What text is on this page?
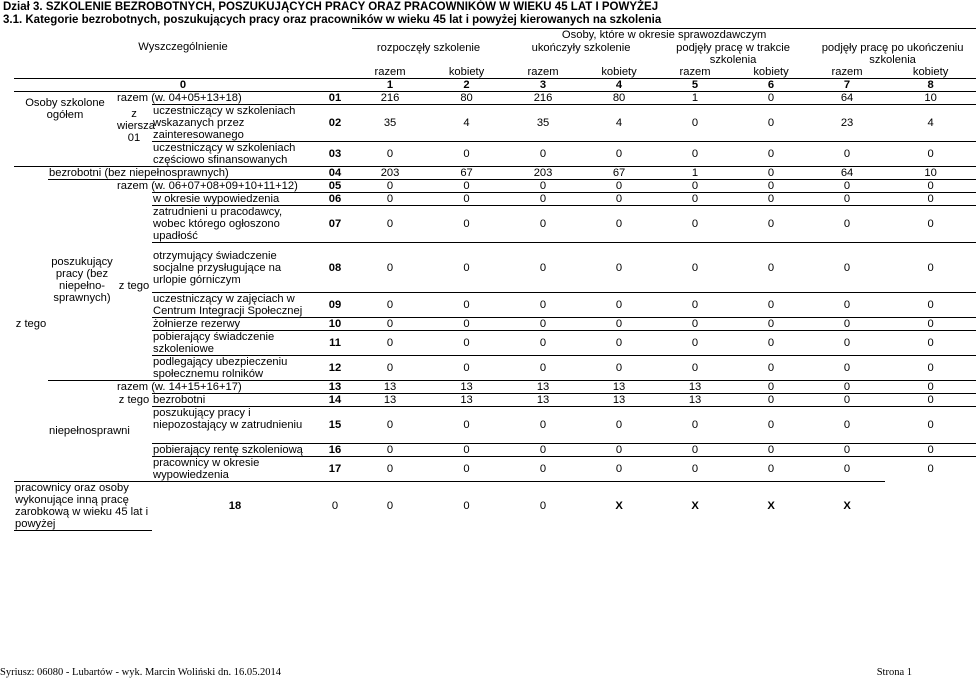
Dział 3. SZKOLENIE BEZROBOTNYCH, POSZUKUJĄCYCH PRACY ORAZ PRACOWNIKÓW W WIEKU 45 LAT I POWYŻEJ
3.1. Kategorie bezrobotnych, poszukujących pracy oraz pracowników w wieku 45 lat i powyżej kierowanych na szkolenia
Wyszczególnienie					Osoby, które w okresie sprawozdawczym							
					rozpoczęły szkolenie		ukończyły szkolenie		podjęły pracę w trakcie szkolenia		podjęły pracę po ukończeniu szkolenia	
					razem	kobiety	razem	kobiety	razem	kobiety	razem	kobiety
0					1	2	3	4	5	6	7	8
Osoby szkolone ogółem		razem (w. 04+05+13+18)		01	216	80	216	80	1	0	64	10
		z wiersza 01	uczestniczący w szkoleniach wskazanych przez zainteresowanego	02	35	4	35	4	0	0	23	4
			uczestniczący w szkoleniach częściowo sfinansowanych	03	0	0	0	0	0	0	0	0

z tego	bezrobotni (bez niepełnosprawnych)			04	203	67	203	67	1	0	64	10
	poszukujący pracy (bez niepełno-sprawnych)	razem (w. 06+07+08+09+10+11+12)		05	0	0	0	0	0	0	0	0
		z tego	w okresie wypowiedzenia	06	0	0	0	0	0	0	0	0
			zatrudnieni u pracodawcy, wobec którego ogłoszono upadłość	07	0	0	0	0	0	0	0	0
			otrzymujący świadczenie socjalne przysługujące na urlopie górniczym	08	0	0	0	0	0	0	0	0
			uczestniczący w zajęciach w Centrum Integracji Społecznej	09	0	0	0	0	0	0	0	0
			żołnierze rezerwy	10	0	0	0	0	0	0	0	0
			pobierający świadczenie szkoleniowe	11	0	0	0	0	0	0	0	0
			podlegający ubezpieczeniu społecznemu rolników	12	0	0	0	0	0	0	0	0
	niepełnosprawni	razem (w. 14+15+16+17)		13	13	13	13	13	13	0	0	0
		z tego	bezrobotni	14	13	13	13	13	13	0	0	0
			poszukujący pracy i niepozostający w zatrudnieniu	15	0	0	0	0	0	0	0	0
			pobierający rentę szkoleniową	16	0	0	0	0	0	0	0	0
			pracownicy w okresie wypowiedzenia	17	0	0	0	0	0	0	0	0
pracownicy oraz osoby wykonujące inną pracę zarobkową w wieku 45 lat i powyżej			18	0	0	0	0	X	X	X	X	
Syriusz: 06080 - Lubartów - wyk. Marcin Woliński dn. 16.05.2014	Strona 1
